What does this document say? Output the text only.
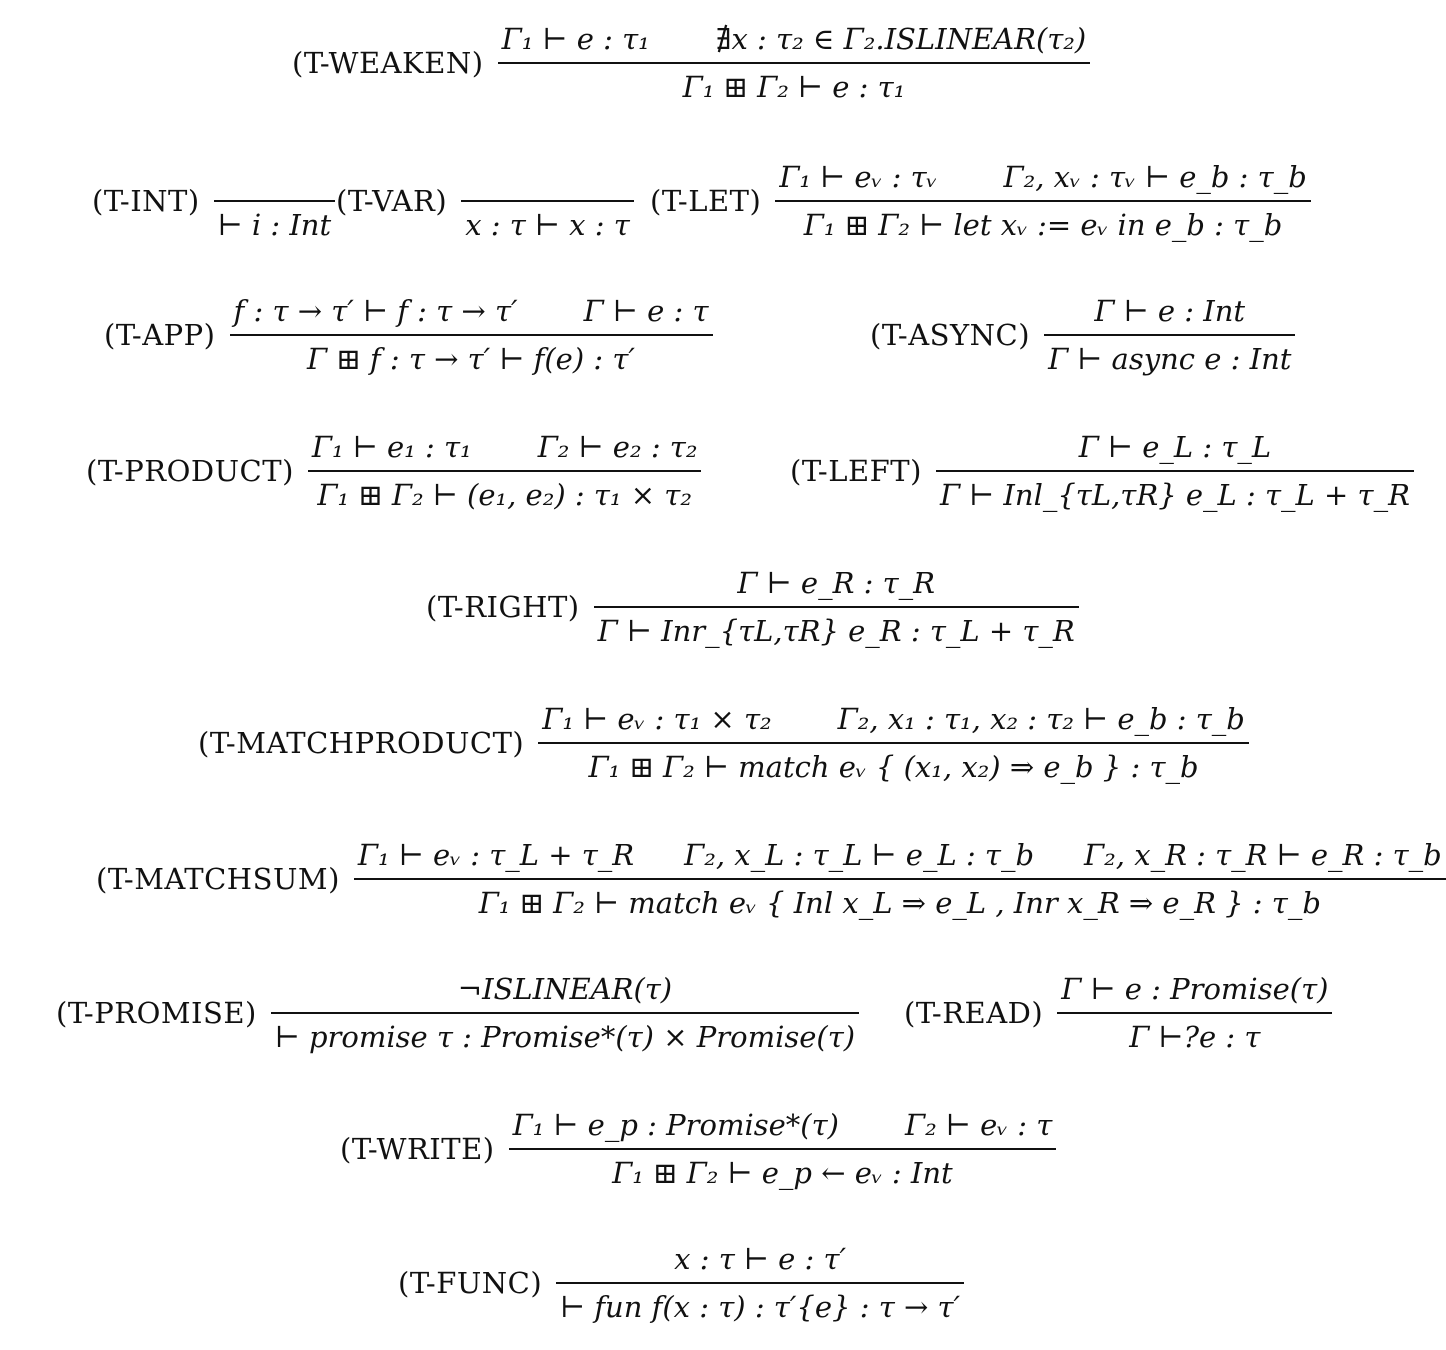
(T-WEAKEN) $\frac{\text{Γ₁ ⊢ e : τ₁ ∄x : τ₂ ∈ Γ₂.ISLINEAR(τ₂)}}{\text{Γ₁ ⊞ Γ₂ ⊢ e : τ₁}}$
(T-INT)
⊢ i : Int
(T-VAR)
x : τ ⊢ x : τ
$(T-LET) \frac{\text{Γ₁ ⊢ eᵥ : τᵥ Γ₂, xᵥ : τᵥ ⊢ e\_b : τ\_b}}{\text{Γ₁ ⊞ Γ₂ ⊢ let xᵥ := eᵥ in e\_b : τ\_b}}$
$(T-APP) \frac{f : \tau \to \tau' ⊢ f : \tau \to \tau' \Gamma ⊢ e : \tau}{\Gamma ⊞ f : \tau \to \tau' ⊢ f(e) : \tau'}$	(T-ASYNC) $\frac{\text{Γ ⊢ e : Int}}{\text{Γ ⊢ async e : Int}}$
(T-PRODUCT) $\frac{\text{Γ₁ ⊢ e₁ : τ₁ Γ₂ ⊢ e₂ : τ₂}}{\text{Γ₁ ⊞ Γ₂ ⊢ (e₁, e₂) : τ₁ × τ₂}}$	(T-LEFT) $\frac{\Gamma ⊢ e\_L : \tau\_L}{\text{Γ ⊢ Inl\_\{τL,τR\} e\_L : τ\_L + τ\_R}}$
(T-RIGHT) $\frac{\Gamma ⊢ e\_R : \tau\_R}{\text{Γ ⊢ Inr\_\{τL,τR\} e\_R : τ\_L + τ\_R}}$
(T-MATCHPRODUCT) $\frac{\text{Γ₁ ⊢ eᵥ : τ₁ × τ₂ Γ₂, x₁ : τ₁, x₂ : τ₂ ⊢ e\_b : τ\_b}}{\text{Γ₁ ⊞ Γ₂ ⊢ match eᵥ \{ (x₁, x₂) ⇒ e\_b \} : τ\_b}}$
(T-MATCHSUM)
Γ₁ ⊢ eᵥ : τ_L + τ_R Γ₂, x_L : τ_L ⊢ e_L : τ_b Γ₂, x_R : τ_R ⊢ e_R : τ_b
Γ₁ ⊞ Γ₂ ⊢ match eᵥ { Inl x_L ⇒ e_L , Inr x_R ⇒ e_R } : τ_b
(T-PROMISE) $\frac{\text{¬ISLINEAR(τ)}}{\text{⊢ promise τ : Promise*(τ) × Promise(τ)}}$ (T-READ) $\frac{\text{Γ ⊢ e : Promise(τ)}}{\Gamma ⊢?e : \tau}$
(T-WRITE) $\frac{\text{Γ₁ ⊢ e\_p : Promise*(τ) Γ₂ ⊢ eᵥ : τ}}{\text{Γ₁ ⊞ Γ₂ ⊢ e\_p ← eᵥ : Int}}$
(T-FUNC) $\frac{x : \tau ⊢ e : \tau'}{\text{⊢ fun f(x : τ) : τ′\{e\} : τ → τ′}}$
